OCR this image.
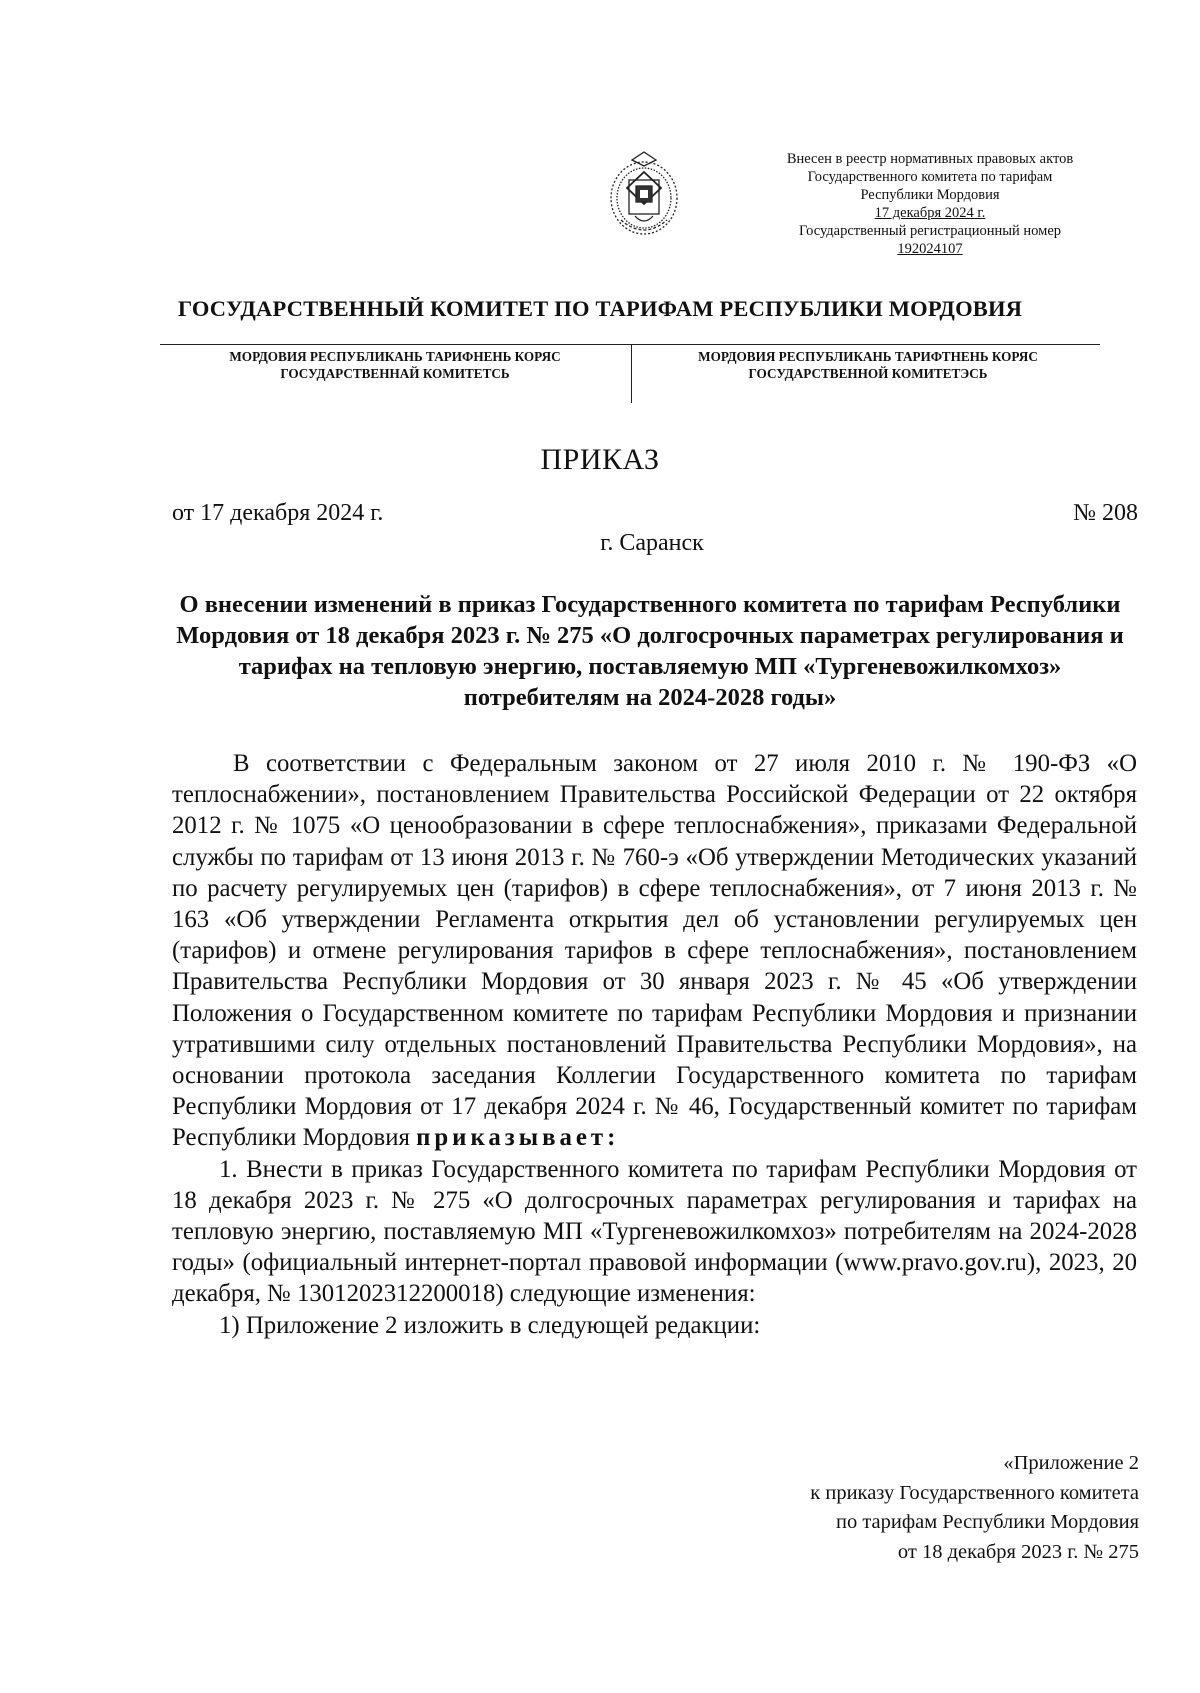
Внесен в реестр нормативных правовых актов
Государственного комитета по тарифам
Республики Мордовия
17 декабря 2024 г.
Государственный регистрационный номер
192024107
ГОСУДАРСТВЕННЫЙ КОМИТЕТ ПО ТАРИФАМ РЕСПУБЛИКИ МОРДОВИЯ
МОРДОВИЯ РЕСПУБЛИКАНЬ ТАРИФНЕНЬ КОРЯС
ГОСУДАРСТВЕННАЙ КОМИТЕТСЬ
МОРДОВИЯ РЕСПУБЛИКАНЬ ТАРИФТНЕНЬ КОРЯС
ГОСУДАРСТВЕННОЙ КОМИТЕТЭСЬ
ПРИКАЗ
от 17 декабря 2024 г.	№ 208
г. Саранск
О внесении изменений в приказ Государственного комитета по тарифам Республики Мордовия от 18 декабря 2023 г. № 275 «О долгосрочных параметрах регулирования и тарифах на тепловую энергию, поставляемую МП «Тургеневожилкомхоз» потребителям на 2024-2028 годы»

В соответствии с Федеральным законом от 27 июля 2010 г. № 190-ФЗ «О теплоснабжении», постановлением Правительства Российской Федерации от 22 октября 2012 г. № 1075 «О ценообразовании в сфере теплоснабжения», приказами Федеральной службы по тарифам от 13 июня 2013 г. № 760-э «Об утверждении Методических указаний по расчету регулируемых цен (тарифов) в сфере теплоснабжения», от 7 июня 2013 г. № 163 «Об утверждении Регламента открытия дел об установлении регулируемых цен (тарифов) и отмене регулирования тарифов в сфере теплоснабжения», постановлением Правительства Республики Мордовия от 30 января 2023 г. № 45 «Об утверждении Положения о Государственном комитете по тарифам Республики Мордовия и признании утратившими силу отдельных постановлений Правительства Республики Мордовия», на основании протокола заседания Коллегии Государственного комитета по тарифам Республики Мордовия от 17 декабря 2024 г. № 46, Государственный комитет по тарифам Республики Мордовия приказывает:

1. Внести в приказ Государственного комитета по тарифам Республики Мордовия от 18 декабря 2023 г. № 275 «О долгосрочных параметрах регулирования и тарифах на тепловую энергию, поставляемую МП «Тургеневожилкомхоз» потребителям на 2024-2028 годы» (официальный интернет-портал правовой информации (www.pravo.gov.ru), 2023, 20 декабря, № 1301202312200018) следующие изменения:

1) Приложение 2 изложить в следующей редакции:

«Приложение 2
к приказу Государственного комитета
по тарифам Республики Мордовия
от 18 декабря 2023 г. № 275
